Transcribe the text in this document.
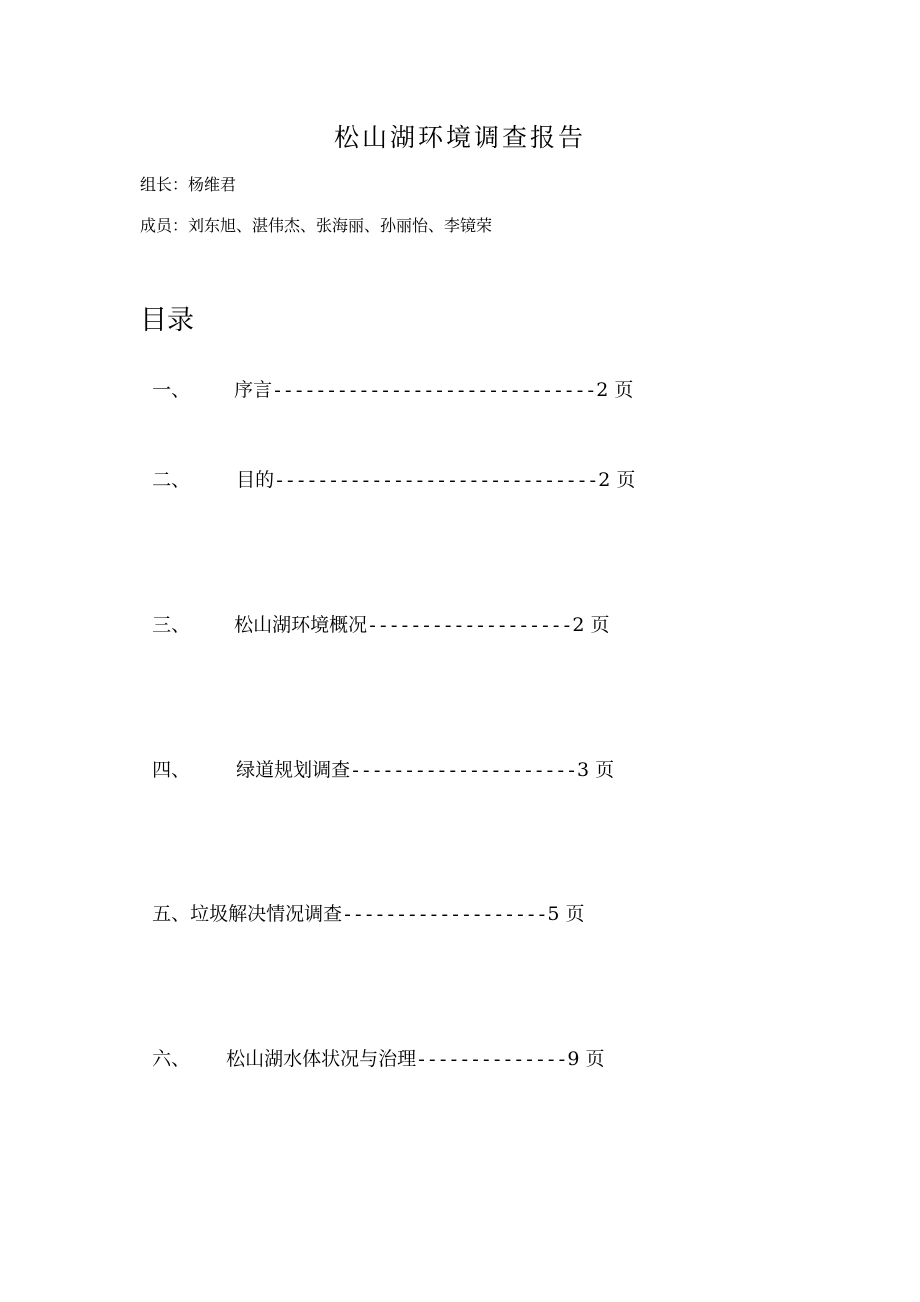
松山湖环境调查报告
组长：杨维君
成员：刘东旭、湛伟杰、张海丽、孙丽怡、李镜荣
目录

一、 序言------------------------------2 页

二、 目的------------------------------2 页

三、 松山湖环境概况-------------------2 页

四、 绿道规划调查---------------------3 页

五、垃圾解决情况调查-------------------5 页

六、 松山湖水体状况与治理--------------9 页
